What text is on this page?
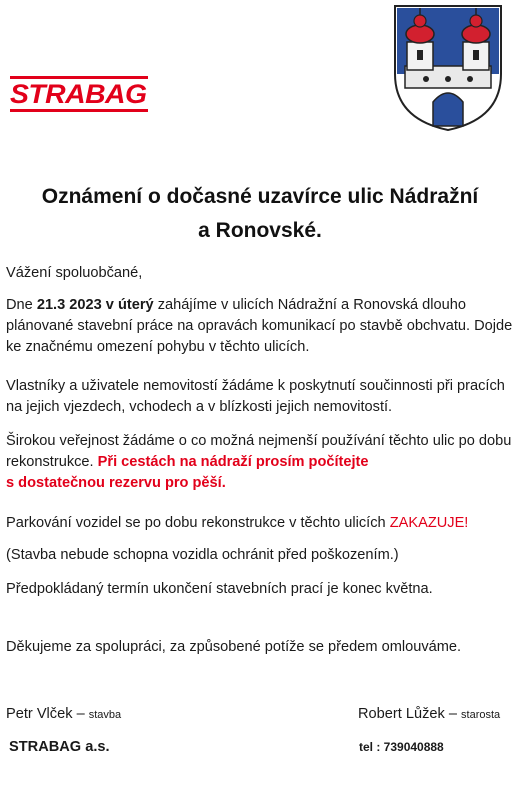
STRABAG
Oznámení o dočasné uzavírce ulic Nádražní
a Ronovské.

Vážení spoluobčané,

Dne 21.3 2023 v úterý zahájíme v ulicích Nádražní a Ronovská dlouho plánované stavební práce na opravách komunikací po stavbě obchvatu. Dojde ke značnému omezení pohybu v těchto ulicích.

Vlastníky a uživatele nemovitostí žádáme k poskytnutí součinnosti při pracích na jejich vjezdech, vchodech a v blízkosti jejich nemovitostí.

Širokou veřejnost žádáme o co možná nejmenší používání těchto ulic po dobu rekonstrukce. Při cestách na nádraží prosím počítejte
s dostatečnou rezervu pro pěší.

Parkování vozidel se po dobu rekonstrukce v těchto ulicích ZAKAZUJE!

(Stavba nebude schopna vozidla ochránit před poškozením.)

Předpokládaný termín ukončení stavebních prací je konec května.

Děkujeme za spolupráci, za způsobené potíže se předem omlouváme.

Petr Vlček – stavba

STRABAG a.s.

Robert Lůžek – starosta

tel : 739040888
